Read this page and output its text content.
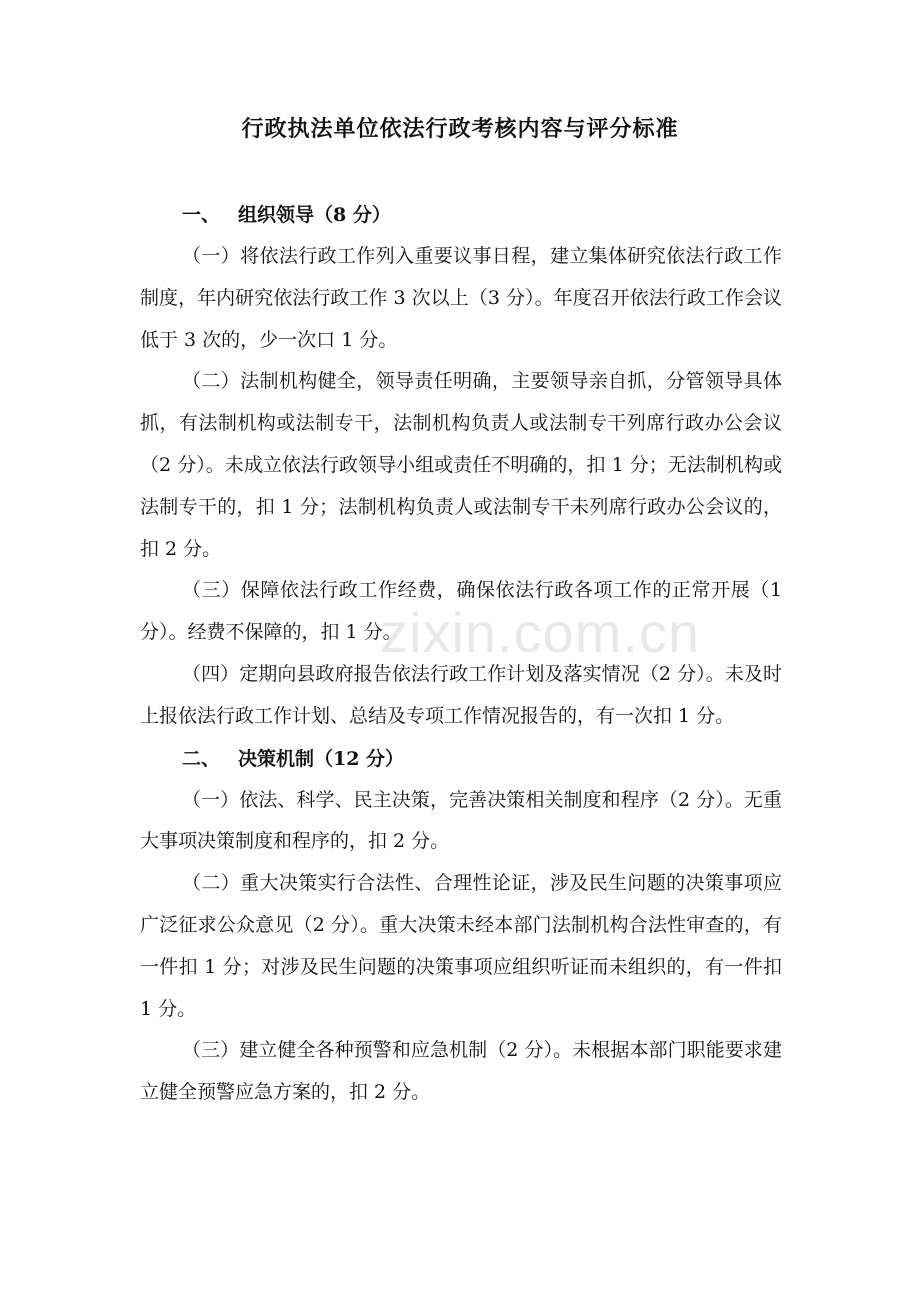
行政执法单位依法行政考核内容与评分标准
一、 组织领导（8 分）

（一）将依法行政工作列入重要议事日程，建立集体研究依法行政工作制度，年内研究依法行政工作 3 次以上（3 分）。年度召开依法行政工作会议低于 3 次的，少一次口 1 分。

（二）法制机构健全，领导责任明确，主要领导亲自抓，分管领导具体抓，有法制机构或法制专干，法制机构负责人或法制专干列席行政办公会议（2 分）。未成立依法行政领导小组或责任不明确的，扣 1 分；无法制机构或法制专干的，扣 1 分；法制机构负责人或法制专干未列席行政办公会议的，扣 2 分。

（三）保障依法行政工作经费，确保依法行政各项工作的正常开展（1 分）。经费不保障的，扣 1 分。

（四）定期向县政府报告依法行政工作计划及落实情况（2 分）。未及时上报依法行政工作计划、总结及专项工作情况报告的，有一次扣 1 分。

二、 决策机制（12 分）

（一）依法、科学、民主决策，完善决策相关制度和程序（2 分）。无重大事项决策制度和程序的，扣 2 分。

（二）重大决策实行合法性、合理性论证，涉及民生问题的决策事项应广泛征求公众意见（2 分）。重大决策未经本部门法制机构合法性审查的，有一件扣 1 分；对涉及民生问题的决策事项应组织听证而未组织的，有一件扣 1 分。

（三）建立健全各种预警和应急机制（2 分）。未根据本部门职能要求建立健全预警应急方案的，扣 2 分。

zixin.com.cn
